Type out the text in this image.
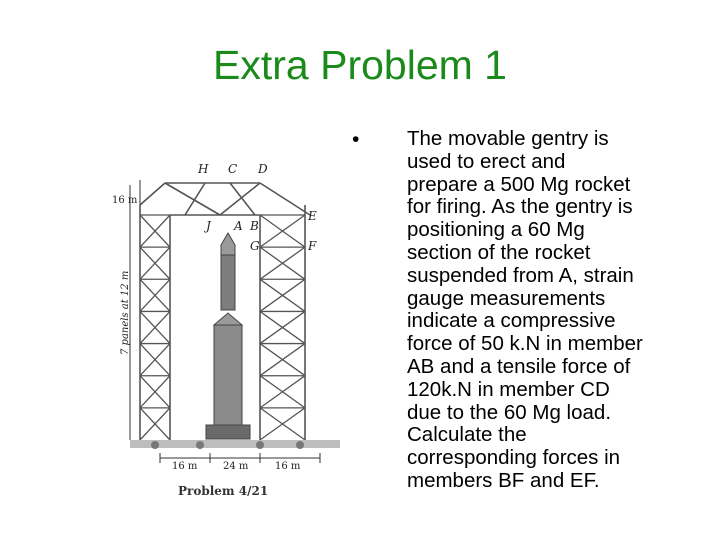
Extra Problem 1
H C D
J A B
E
G	F
16 m
7 panels at 12 m
16 m	24 m	16 m
Problem 4/21
• The movable gentry is
used to erect and
prepare a 500 Mg rocket
for firing. As the gentry is
positioning a 60 Mg
section of the rocket
suspended from A, strain
gauge measurements
indicate a compressive
force of 50 k.N in member
AB and a tensile force of
120k.N in member CD
due to the 60 Mg load.
Calculate the
corresponding forces in
members BF and EF.
